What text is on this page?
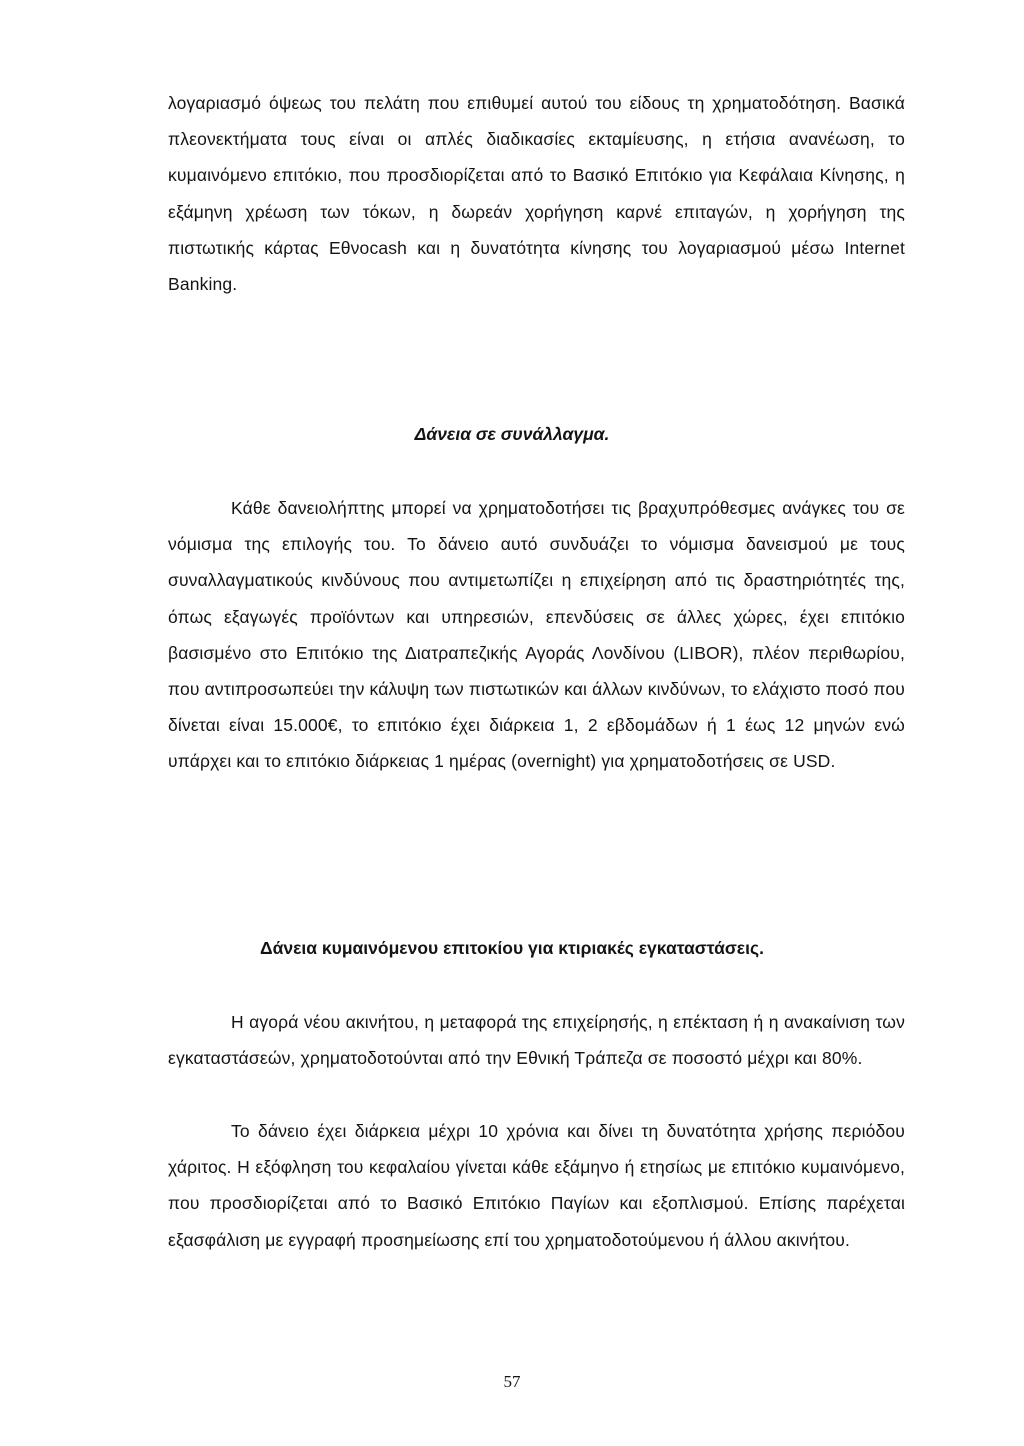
λογαριασμό όψεως του πελάτη που επιθυμεί αυτού του είδους τη χρηματοδότηση. Βασικά πλεονεκτήματα τους είναι οι απλές διαδικασίες εκταμίευσης, η ετήσια ανανέωση, το κυμαινόμενο επιτόκιο, που προσδιορίζεται από το Βασικό Επιτόκιο για Κεφάλαια Κίνησης, η εξάμηνη χρέωση των τόκων, η δωρεάν χορήγηση καρνέ επιταγών, η χορήγηση της πιστωτικής κάρτας Εθνocash και η δυνατότητα κίνησης του λογαριασμού μέσω Internet Banking.

Δάνεια σε συνάλλαγμα.

Κάθε δανειολήπτης μπορεί να χρηματοδοτήσει τις βραχυπρόθεσμες ανάγκες του σε νόμισμα της επιλογής του. Το δάνειο αυτό συνδυάζει το νόμισμα δανεισμού με τους συναλλαγματικούς κινδύνους που αντιμετωπίζει η επιχείρηση από τις δραστηριότητές της, όπως εξαγωγές προϊόντων και υπηρεσιών, επενδύσεις σε άλλες χώρες, έχει επιτόκιο βασισμένο στο Επιτόκιο της Διατραπεζικής Αγοράς Λονδίνου (LIBOR), πλέον περιθωρίου, που αντιπροσωπεύει την κάλυψη των πιστωτικών και άλλων κινδύνων, το ελάχιστο ποσό που δίνεται είναι 15.000€, το επιτόκιο έχει διάρκεια 1, 2 εβδομάδων ή 1 έως 12 μηνών ενώ υπάρχει και το επιτόκιο διάρκειας 1 ημέρας (overnight) για χρηματοδοτήσεις σε USD.

Δάνεια κυμαινόμενου επιτοκίου για κτιριακές εγκαταστάσεις.

Η αγορά νέου ακινήτου, η μεταφορά της επιχείρησής, η επέκταση ή η ανακαίνιση των εγκαταστάσεών, χρηματοδοτούνται από την Εθνική Τράπεζα σε ποσοστό μέχρι και 80%.

Το δάνειο έχει διάρκεια μέχρι 10 χρόνια και δίνει τη δυνατότητα χρήσης περιόδου χάριτος. Η εξόφληση του κεφαλαίου γίνεται κάθε εξάμηνο ή ετησίως με επιτόκιο κυμαινόμενο, που προσδιορίζεται από το Βασικό Επιτόκιο Παγίων και εξοπλισμού. Επίσης παρέχεται εξασφάλιση με εγγραφή προσημείωσης επί του χρηματοδοτούμενου ή άλλου ακινήτου.

57
